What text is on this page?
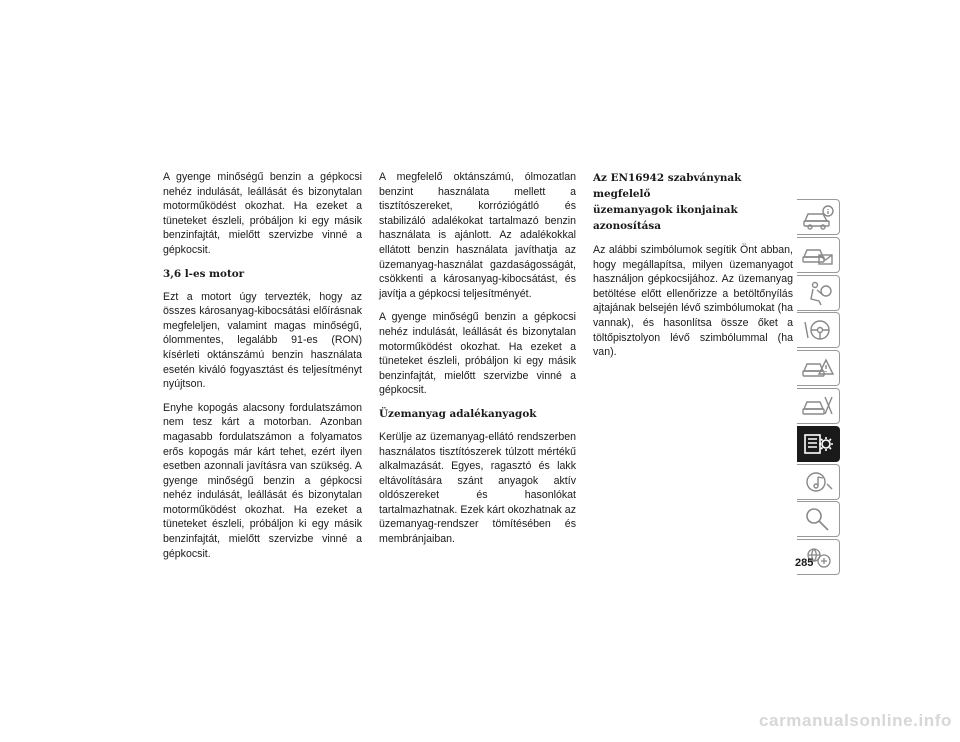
A gyenge minőségű benzin a gépkocsi nehéz indulását, leállását és bizonytalan motorműködést okozhat. Ha ezeket a tüneteket észleli, próbáljon ki egy másik benzinfajtát, mielőtt szervizbe vinné a gépkocsit.

3,6 l-es motor

Ezt a motort úgy tervezték, hogy az összes károsanyag-kibocsátási előírásnak megfeleljen, valamint magas minőségű, ólommentes, legalább 91-es (RON) kísérleti oktánszámú benzin használata esetén kiváló fogyasztást és teljesítményt nyújtson.

Enyhe kopogás alacsony fordulatszámon nem tesz kárt a motorban. Azonban magasabb fordulatszámon a folyamatos erős kopogás már kárt tehet, ezért ilyen esetben azonnali javításra van szükség. A gyenge minőségű benzin a gépkocsi nehéz indulását, leállását és bizonytalan motorműködést okozhat. Ha ezeket a tüneteket észleli, próbáljon ki egy másik benzinfajtát, mielőtt szervizbe vinné a gépkocsit.

A megfelelő oktánszámú, ólmozatlan benzint használata mellett a tisztítószereket, korróziógátló és stabilizáló adalékokat tartalmazó benzin használata is ajánlott. Az adalékokkal ellátott benzin használata javíthatja az üzemanyag-használat gazdaságosságát, csökkenti a károsanyag-kibocsátást, és javítja a gépkocsi teljesítményét.

A gyenge minőségű benzin a gépkocsi nehéz indulását, leállását és bizonytalan motorműködést okozhat. Ha ezeket a tüneteket észleli, próbáljon ki egy másik benzinfajtát, mielőtt szervizbe vinné a gépkocsit.

Üzemanyag adalékanyagok

Kerülje az üzemanyag-ellátó rendszerben használatos tisztítószerek túlzott mértékű alkalmazását. Egyes, ragasztó és lakk eltávolítására szánt anyagok aktív oldószereket és hasonlókat tartalmazhatnak. Ezek kárt okozhatnak az üzemanyag-rendszer tömítésében és membránjaiban.

Az EN16942 szabványnak megfelelő
üzemanyagok ikonjainak azonosítása

Az alábbi szimbólumok segítik Önt abban, hogy megállapítsa, milyen üzemanyagot használjon gépkocsijához. Az üzemanyag betöltése előtt ellenőrizze a betöltőnyílás ajtajának belsején lévő szimbólumokat (ha vannak), és hasonlítsa össze őket a töltőpisztolyon lévő szimbólummal (ha van).

285
carmanualsonline.info
